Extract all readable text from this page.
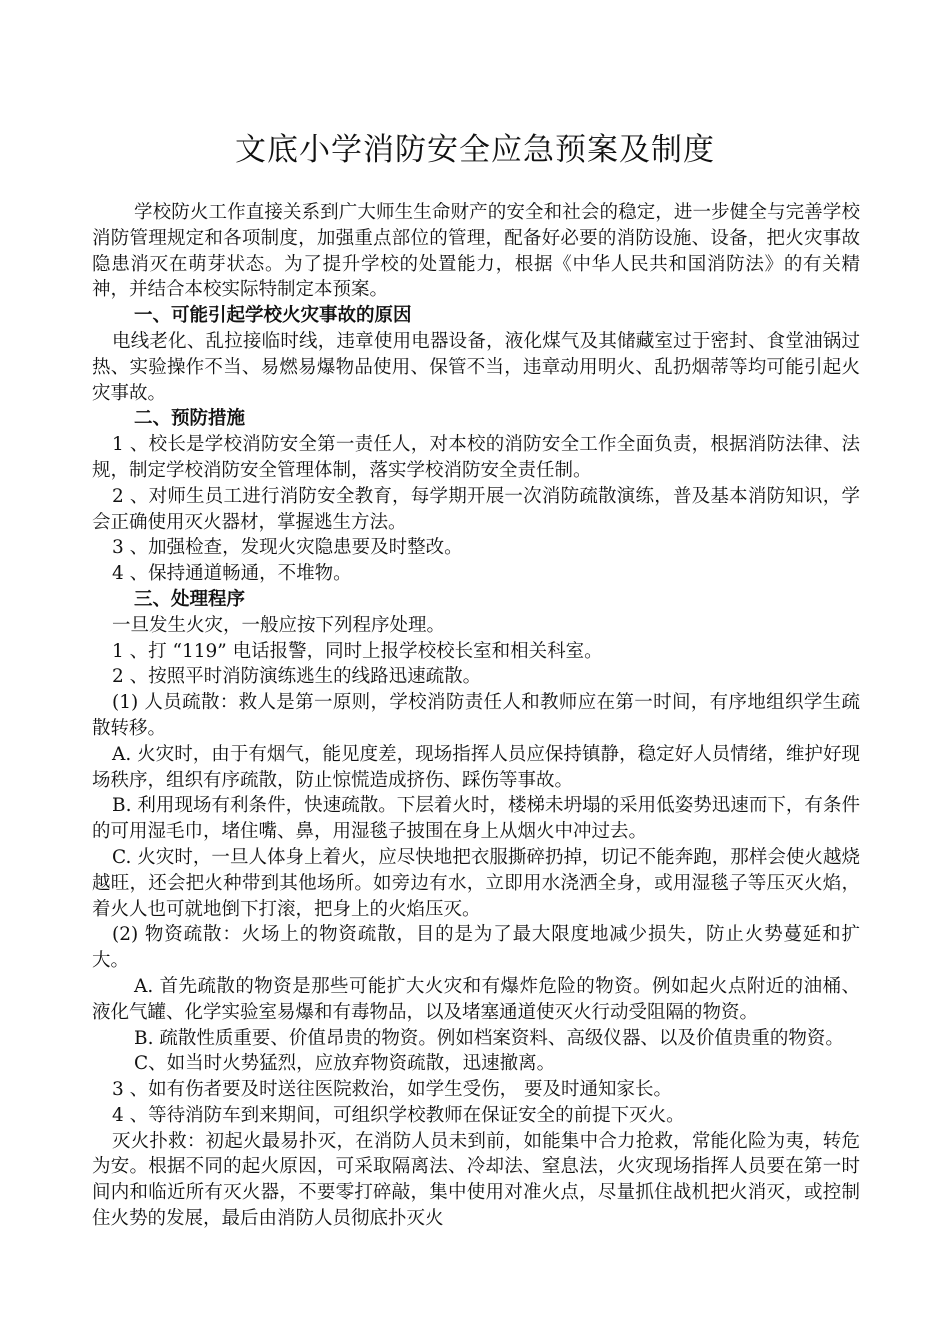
文底小学消防安全应急预案及制度

学校防火工作直接关系到广大师生生命财产的安全和社会的稳定，进一步健全与完善学校消防管理规定和各项制度，加强重点部位的管理，配备好必要的消防设施、设备，把火灾事故隐患消灭在萌芽状态。为了提升学校的处置能力，根据《中华人民共和国消防法》的有关精神，并结合本校实际特制定本预案。

一、可能引起学校火灾事故的原因

电线老化、乱拉接临时线，违章使用电器设备，液化煤气及其储藏室过于密封、食堂油锅过热、实验操作不当、易燃易爆物品使用、保管不当，违章动用明火、乱扔烟蒂等均可能引起火灾事故。

二、预防措施

1 、校长是学校消防安全第一责任人，对本校的消防安全工作全面负责，根据消防法律、法规，制定学校消防安全管理体制，落实学校消防安全责任制。

2 、对师生员工进行消防安全教育，每学期开展一次消防疏散演练，普及基本消防知识，学会正确使用灭火器材，掌握逃生方法。

3 、加强检查，发现火灾隐患要及时整改。

4 、保持通道畅通，不堆物。

三、处理程序

一旦发生火灾，一般应按下列程序处理。

1 、打 “119” 电话报警，同时上报学校校长室和相关科室。

2 、按照平时消防演练逃生的线路迅速疏散。

(1) 人员疏散：救人是第一原则，学校消防责任人和教师应在第一时间，有序地组织学生疏散转移。

A. 火灾时，由于有烟气，能见度差，现场指挥人员应保持镇静，稳定好人员情绪，维护好现场秩序，组织有序疏散，防止惊慌造成挤伤、踩伤等事故。

B. 利用现场有利条件，快速疏散。下层着火时，楼梯未坍塌的采用低姿势迅速而下，有条件的可用湿毛巾，堵住嘴、鼻，用湿毯子披围在身上从烟火中冲过去。

C. 火灾时，一旦人体身上着火，应尽快地把衣服撕碎扔掉，切记不能奔跑，那样会使火越烧越旺，还会把火种带到其他场所。如旁边有水，立即用水浇洒全身，或用湿毯子等压灭火焰，着火人也可就地倒下打滚，把身上的火焰压灭。

(2) 物资疏散：火场上的物资疏散，目的是为了最大限度地减少损失，防止火势蔓延和扩大。

A. 首先疏散的物资是那些可能扩大火灾和有爆炸危险的物资。例如起火点附近的油桶、液化气罐、化学实验室易爆和有毒物品，以及堵塞通道使灭火行动受阻隔的物资。

B. 疏散性质重要、价值昂贵的物资。例如档案资料、高级仪器、以及价值贵重的物资。

C、如当时火势猛烈，应放弃物资疏散，迅速撤离。

3 、如有伤者要及时送往医院救治，如学生受伤， 要及时通知家长。

4 、等待消防车到来期间，可组织学校教师在保证安全的前提下灭火。

灭火扑救：初起火最易扑灭，在消防人员未到前，如能集中合力抢救，常能化险为夷，转危为安。根据不同的起火原因，可采取隔离法、冷却法、窒息法，火灾现场指挥人员要在第一时间内和临近所有灭火器，不要零打碎敲，集中使用对准火点，尽量抓住战机把火消灭，或控制住火势的发展，最后由消防人员彻底扑灭火
